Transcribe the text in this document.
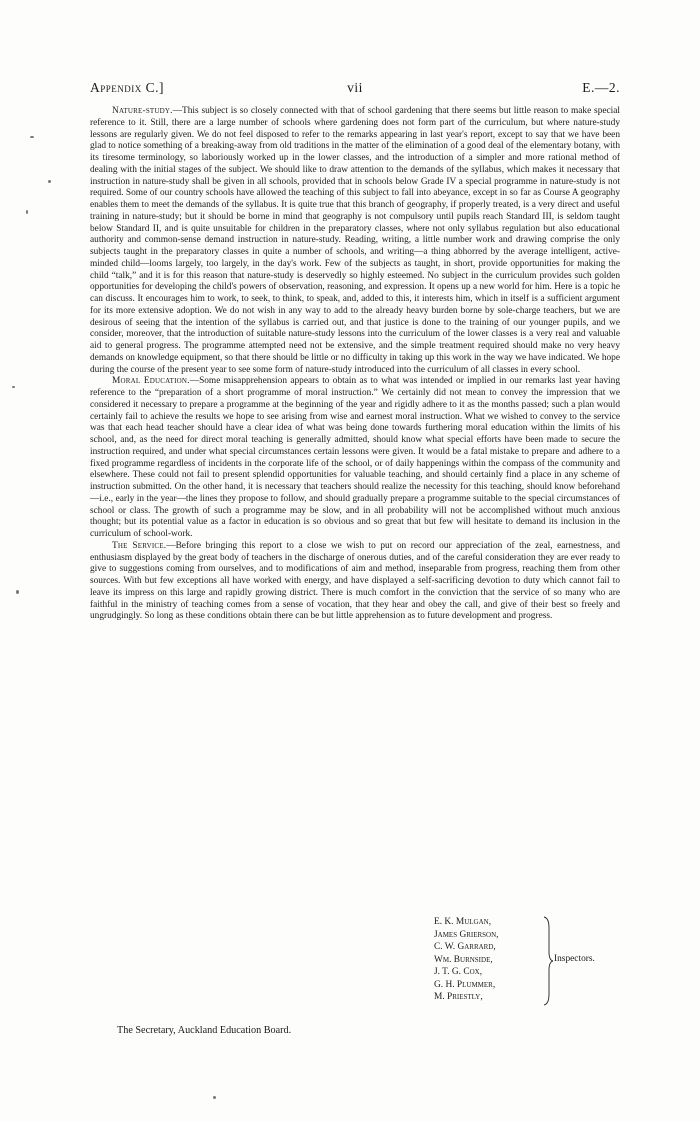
Appendix C.]	vii	E.—2.

Nature-study.—This subject is so closely connected with that of school gardening that there seems but little reason to make special reference to it. Still, there are a large number of schools where gardening does not form part of the curriculum, but where nature-study lessons are regularly given. We do not feel disposed to refer to the remarks appearing in last year's report, except to say that we have been glad to notice something of a breaking-away from old traditions in the matter of the elimination of a good deal of the elementary botany, with its tiresome terminology, so laboriously worked up in the lower classes, and the introduction of a simpler and more rational method of dealing with the initial stages of the subject. We should like to draw attention to the demands of the syllabus, which makes it necessary that instruction in nature-study shall be given in all schools, provided that in schools below Grade IV a special programme in nature-study is not required. Some of our country schools have allowed the teaching of this subject to fall into abeyance, except in so far as Course A geography enables them to meet the demands of the syllabus. It is quite true that this branch of geography, if properly treated, is a very direct and useful training in nature-study; but it should be borne in mind that geography is not compulsory until pupils reach Standard III, is seldom taught below Standard II, and is quite unsuitable for children in the preparatory classes, where not only syllabus regulation but also educational authority and common-sense demand instruction in nature-study. Reading, writing, a little number work and drawing comprise the only subjects taught in the preparatory classes in quite a number of schools, and writing—a thing abhorred by the average intelligent, active-minded child—looms largely, too largely, in the day's work. Few of the subjects as taught, in short, provide opportunities for making the child “talk,” and it is for this reason that nature-study is deservedly so highly esteemed. No subject in the curriculum provides such golden opportunities for developing the child's powers of observation, reasoning, and expression. It opens up a new world for him. Here is a topic he can discuss. It encourages him to work, to seek, to think, to speak, and, added to this, it interests him, which in itself is a sufficient argument for its more extensive adoption. We do not wish in any way to add to the already heavy burden borne by sole-charge teachers, but we are desirous of seeing that the intention of the syllabus is carried out, and that justice is done to the training of our younger pupils, and we consider, moreover, that the introduction of suitable nature-study lessons into the curriculum of the lower classes is a very real and valuable aid to general progress. The programme attempted need not be extensive, and the simple treatment required should make no very heavy demands on knowledge equipment, so that there should be little or no difficulty in taking up this work in the way we have indicated. We hope during the course of the present year to see some form of nature-study introduced into the curriculum of all classes in every school.

Moral Education.—Some misapprehension appears to obtain as to what was intended or implied in our remarks last year having reference to the “preparation of a short programme of moral instruction.” We certainly did not mean to convey the impression that we considered it necessary to prepare a programme at the beginning of the year and rigidly adhere to it as the months passed; such a plan would certainly fail to achieve the results we hope to see arising from wise and earnest moral instruction. What we wished to convey to the service was that each head teacher should have a clear idea of what was being done towards furthering moral education within the limits of his school, and, as the need for direct moral teaching is generally admitted, should know what special efforts have been made to secure the instruction required, and under what special circumstances certain lessons were given. It would be a fatal mistake to prepare and adhere to a fixed programme regardless of incidents in the corporate life of the school, or of daily happenings within the compass of the community and elsewhere. These could not fail to present splendid opportunities for valuable teaching, and should certainly find a place in any scheme of instruction submitted. On the other hand, it is necessary that teachers should realize the necessity for this teaching, should know beforehand—i.e., early in the year—the lines they propose to follow, and should gradually prepare a programme suitable to the special circumstances of school or class. The growth of such a programme may be slow, and in all probability will not be accomplished without much anxious thought; but its potential value as a factor in education is so obvious and so great that but few will hesitate to demand its inclusion in the curriculum of school-work.

The Service.—Before bringing this report to a close we wish to put on record our appreciation of the zeal, earnestness, and enthusiasm displayed by the great body of teachers in the discharge of onerous duties, and of the careful consideration they are ever ready to give to suggestions coming from ourselves, and to modifications of aim and method, inseparable from progress, reaching them from other sources. With but few exceptions all have worked with energy, and have displayed a self-sacrificing devotion to duty which cannot fail to leave its impress on this large and rapidly growing district. There is much comfort in the conviction that the service of so many who are faithful in the ministry of teaching comes from a sense of vocation, that they hear and obey the call, and give of their best so freely and ungrudgingly. So long as these conditions obtain there can be but little apprehension as to future development and progress.

E. K. Mulgan,
James Grierson,
C. W. Garrard,
Wm. Burnside,
J. T. G. Cox,
G. H. Plummer,
M. Priestly,
Inspectors.
The Secretary, Auckland Education Board.
